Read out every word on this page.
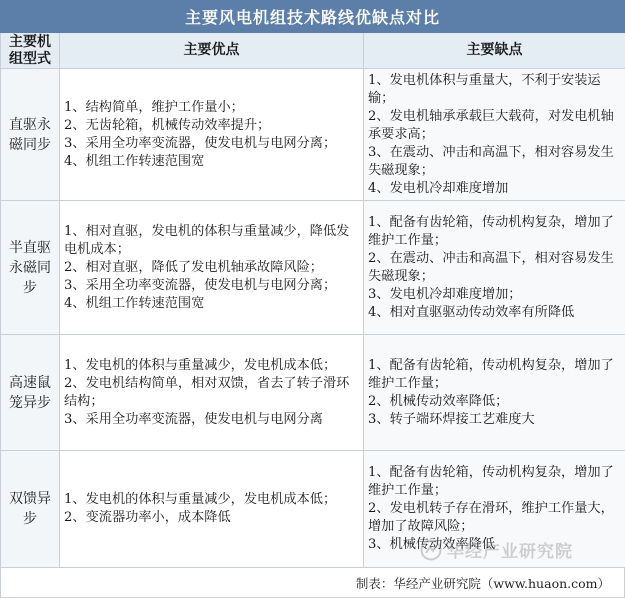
主要风电机组技术路线优缺点对比
主要机组型式
主要优点	主要缺点
直驱永磁同步
1、结构简单，维护工作量小；
2、无齿轮箱，机械传动效率提升；
3、采用全功率变流器，使发电机与电网分离；
4、机组工作转速范围宽
1、发电机体积与重量大，不利于安装运输；
2、发电机轴承承载巨大载荷，对发电机轴承要求高；
3、在震动、冲击和高温下，相对容易发生失磁现象；
4、发电机冷却难度增加
半直驱永磁同步
1、相对直驱，发电机的体积与重量减少，降低发电机成本；
2、相对直驱，降低了发电机轴承故障风险；
3、采用全功率变流器，使发电机与电网分离；
4、机组工作转速范围宽
1、配备有齿轮箱，传动机构复杂，增加了维护工作量；
2、在震动、冲击和高温下，相对容易发生失磁现象；
3、发电机冷却难度增加；
4、相对直驱驱动传动效率有所降低
高速鼠笼异步
1、发电机的体积与重量减少，发电机成本低；
2、发电机结构简单，相对双馈，省去了转子滑环结构；
3、采用全功率变流器，使发电机与电网分离
1、配备有齿轮箱，传动机构复杂，增加了维护工作量；
2、机械传动效率降低；
3、转子端环焊接工艺难度大
双馈异步
1、发电机的体积与重量减少，发电机成本低；
2、变流器功率小，成本降低
1、配备有齿轮箱，传动机构复杂，增加了维护工作量；
2、发电机转子存在滑环，维护工作量大，增加了故障风险；
3、机械传动效率降低
制表：华经产业研究院（www.huaon.com）
华经产业研究院
